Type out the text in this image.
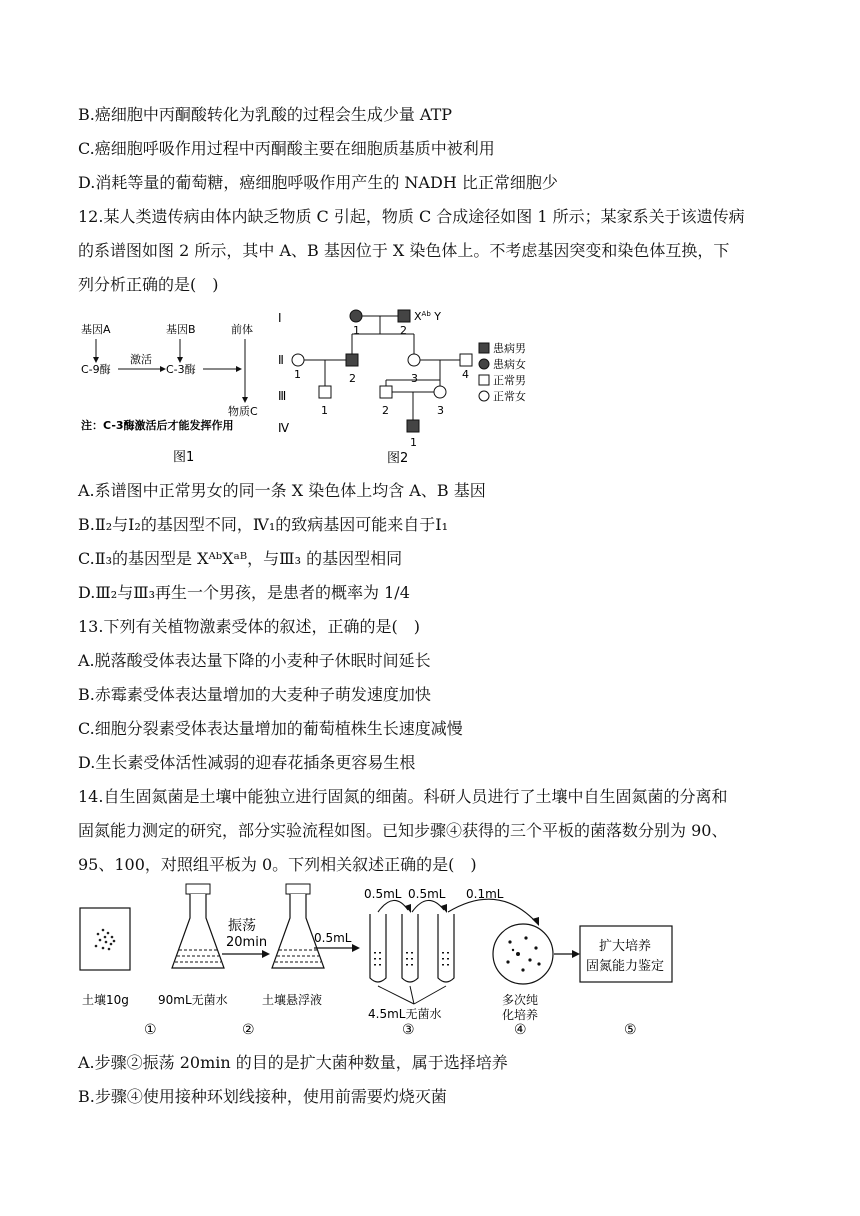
B.癌细胞中丙酮酸转化为乳酸的过程会生成少量 ATP
C.癌细胞呼吸作用过程中丙酮酸主要在细胞质基质中被利用
D.消耗等量的葡萄糖，癌细胞呼吸作用产生的 NADH 比正常细胞少
12.某人类遗传病由体内缺乏物质 C 引起，物质 C 合成途径如图 1 所示；某家系关于该遗传病
的系谱图如图 2 所示，其中 A、B 基因位于 X 染色体上。不考虑基因突变和染色体互换，下
列分析正确的是(　)
基因A	基因B	前体
C-9酶
激活
C-3酶
物质C
注：C-3酶激活后才能发挥作用
图1
Ⅰ
Ⅱ
Ⅲ
Ⅳ
1	2
$X^{Ab}$ Y
1	2	3	4
1	2	3
1
患病男
患病女
正常男
正常女
图2
A.系谱图中正常男女的同一条 X 染色体上均含 A、B 基因
B.Ⅱ₂与Ⅰ₂的基因型不同，Ⅳ₁的致病基因可能来自于Ⅰ₁
C.Ⅱ₃的基因型是 XᴬᵇXᵃᴮ，与Ⅲ₃ 的基因型相同
D.Ⅲ₂与Ⅲ₃再生一个男孩，是患者的概率为 1/4
13.下列有关植物激素受体的叙述，正确的是(　)
A.脱落酸受体表达量下降的小麦种子休眠时间延长
B.赤霉素受体表达量增加的大麦种子萌发速度加快
C.细胞分裂素受体表达量增加的葡萄植株生长速度减慢
D.生长素受体活性减弱的迎春花插条更容易生根
14.自生固氮菌是土壤中能独立进行固氮的细菌。科研人员进行了土壤中自生固氮菌的分离和
固氮能力测定的研究，部分实验流程如图。已知步骤④获得的三个平板的菌落数分别为 90、
95、100，对照组平板为 0。下列相关叙述正确的是(　)
土壤10g 90mL无菌水
振荡
20min
土壤悬浮液
0.5mL
0.5mL 0.5mL 0.1mL
4.5mL无菌水
多次纯
化培养
扩大培养
固氮能力鉴定
①	②	③	④	⑤
A.步骤②振荡 20min 的目的是扩大菌种数量，属于选择培养
B.步骤④使用接种环划线接种，使用前需要灼烧灭菌
